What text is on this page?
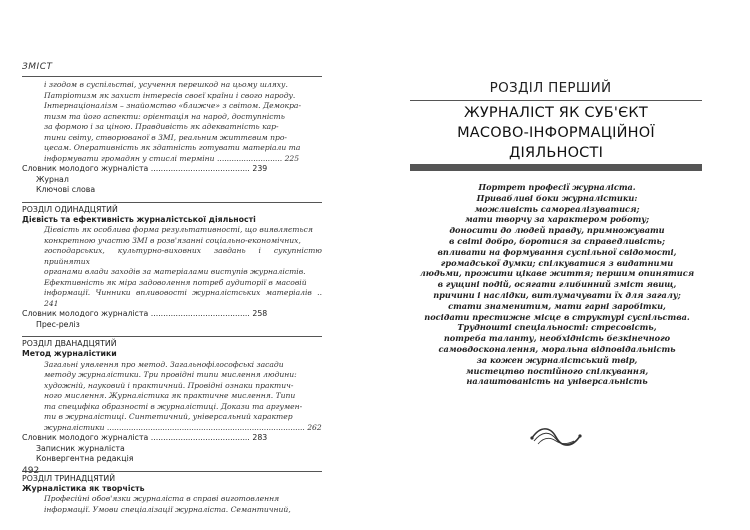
ЗМІСТ
і згодом в суспільстві, усучення перешкод на цьому шляху.
Патріотизм як захист інтересів своєї країни і свого народу.
Інтернаціоналізм – знайомство «ближче» з світом. Демокра-
тизм та його аспекти: орієнтація на народ, доступність
за формою і за ціною. Правдивість як адекватність кар-
тини світу, створюваної в ЗМІ, реальним життєвим про-
цесам. Оперативність як здатність готувати матеріали та
інформувати громадян у стислі терміни ........................... 225
Словник молодого журналіста ........................................ 239
Журнал
Ключові слова
РОЗДІЛ ОДИНАДЦЯТИЙ
Дієвість та ефективність журналістської діяльності
Дієвість як особлива форма результативності, що виявляється
конкретною участю ЗМІ в розв'язанні соціально-економічних,
господарських, культурно-виховних завдань і сукупністю прийнятих
органами влади заходів за матеріалами виступів журналістів.
Ефективність як міра задоволення потреб аудиторії в масовій
інформації. Чинники впливовості журналістських матеріалів .. 241
Словник молодого журналіста ........................................ 258
Прес-реліз
РОЗДІЛ ДВАНАДЦЯТИЙ
Метод журналістики
Загальні уявлення про метод. Загальнофілософські засади
методу журналістики. Три провідні типи мислення людини:
художній, науковий і практичний. Провідні ознаки практич-
ного мислення. Журналістика як практичне мислення. Типи
та специфіка образності в журналістиці. Докази та аргумен-
ти в журналістиці. Синтетичний, універсальний характер
журналістики .................................................................................. 262
Словник молодого журналіста ........................................ 283
Записник журналіста
Конвергентна редакція
РОЗДІЛ ТРИНАДЦЯТИЙ
Журналістика як творчість
Професійні обов'язки журналіста в справі виготовлення
інформації. Умови спеціалізації журналіста. Семантичний,
492
РОЗДІЛ ПЕРШИЙ
ЖУРНАЛІСТ ЯК СУБ'ЄКТ
МАСОВО-ІНФОРМАЦІЙНОЇ
ДІЯЛЬНОСТІ
Портрет професії журналіста.
Привабливі боки журналістики:
можливість самореалізуватися;
мати творчу за характером роботу;
доносити до людей правду, примножувати
в світі добро, боротися за справедливість;
впливати на формування суспільної свідомості,
громадської думки; спілкуватися з видатними
людьми, прожити цікаве життя; першим опинятися
в гущині подій, осягати глибинний зміст явищ,
причини і наслідки, витлумачувати їх для загалу;
стати знаменитим, мати гарні заробітки,
посідати престижне місце в структурі суспільства.
Трудношті спеціальності: стресовість,
потреба таланту, необхідність безкінечного
самовдосконалення, моральна відповідальність
за кожен журналістський твір,
мистецтво постійного спілкування,
налаштованість на універсальність
